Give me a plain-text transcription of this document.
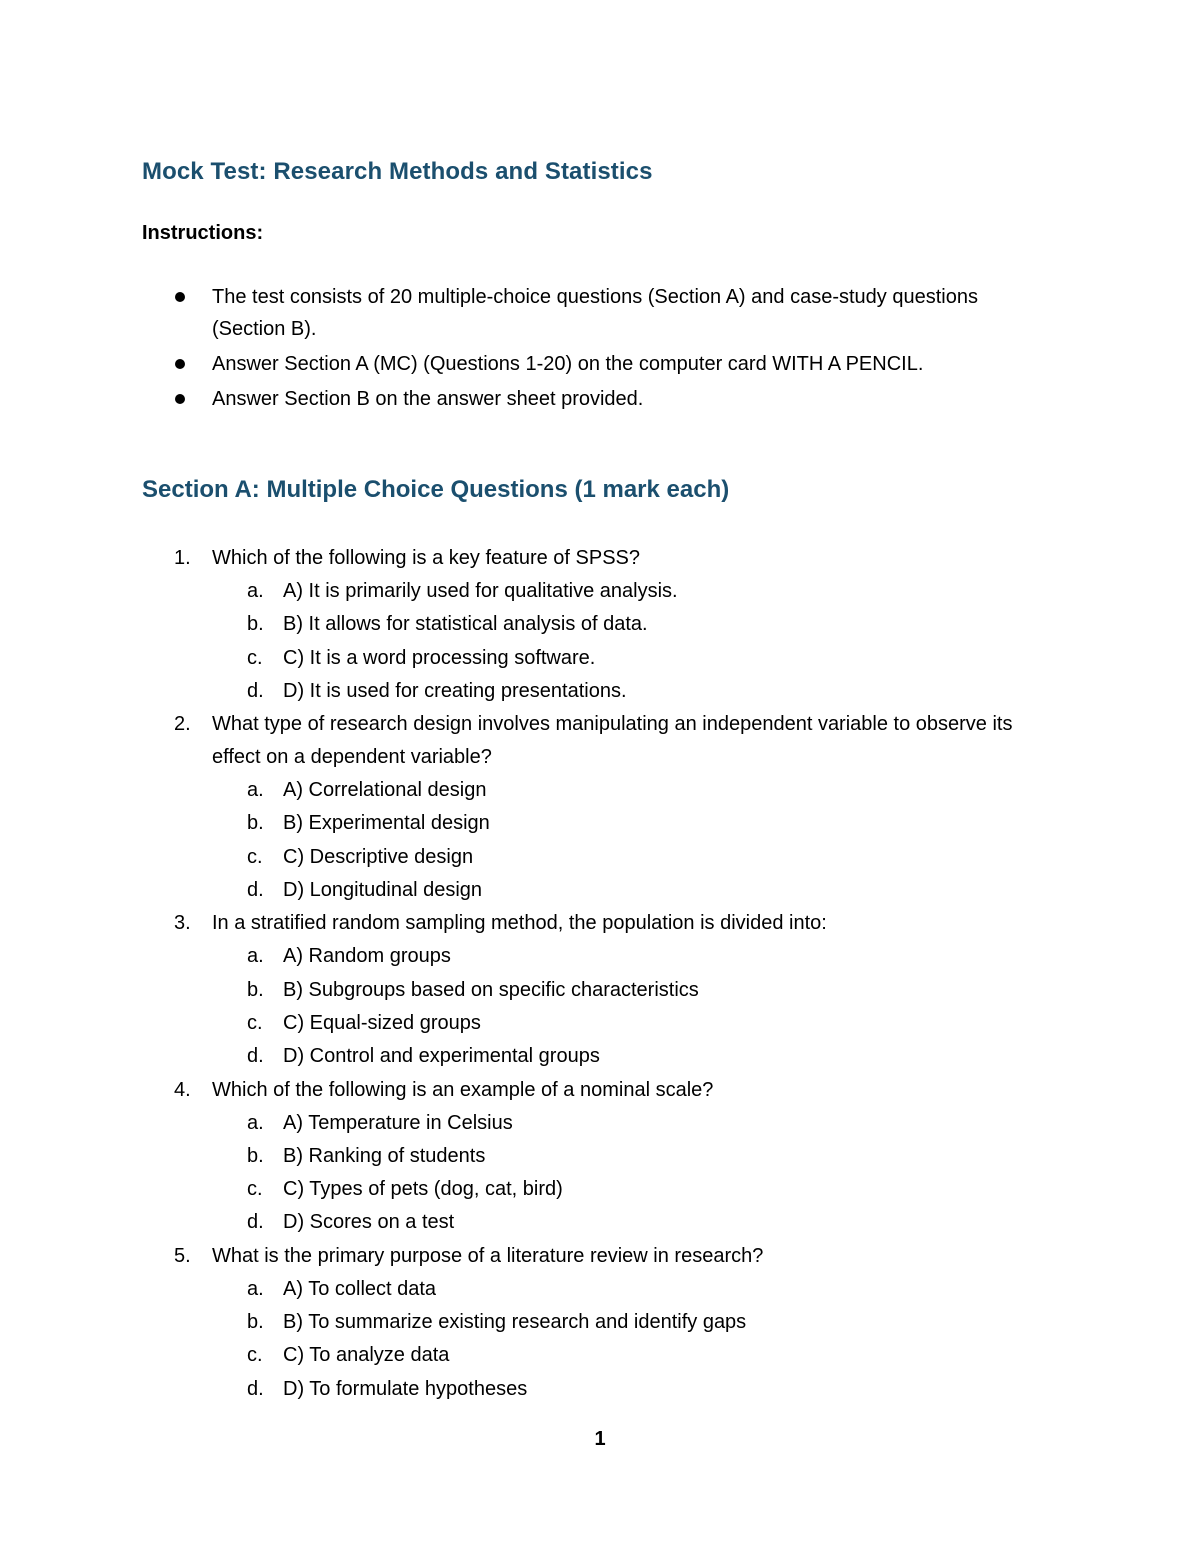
Mock Test: Research Methods and Statistics
Instructions:
The test consists of 20 multiple-choice questions (Section A) and case-study questions (Section B).
Answer Section A (MC) (Questions 1-20) on the computer card WITH A PENCIL.
Answer Section B on the answer sheet provided.
Section A: Multiple Choice Questions (1 mark each)
1. Which of the following is a key feature of SPSS?
a. A) It is primarily used for qualitative analysis.
b. B) It allows for statistical analysis of data.
c. C) It is a word processing software.
d. D) It is used for creating presentations.
2. What type of research design involves manipulating an independent variable to observe its effect on a dependent variable?
a. A) Correlational design
b. B) Experimental design
c. C) Descriptive design
d. D) Longitudinal design
3. In a stratified random sampling method, the population is divided into:
a. A) Random groups
b. B) Subgroups based on specific characteristics
c. C) Equal-sized groups
d. D) Control and experimental groups
4. Which of the following is an example of a nominal scale?
a. A) Temperature in Celsius
b. B) Ranking of students
c. C) Types of pets (dog, cat, bird)
d. D) Scores on a test
5. What is the primary purpose of a literature review in research?
a. A) To collect data
b. B) To summarize existing research and identify gaps
c. C) To analyze data
d. D) To formulate hypotheses
1
